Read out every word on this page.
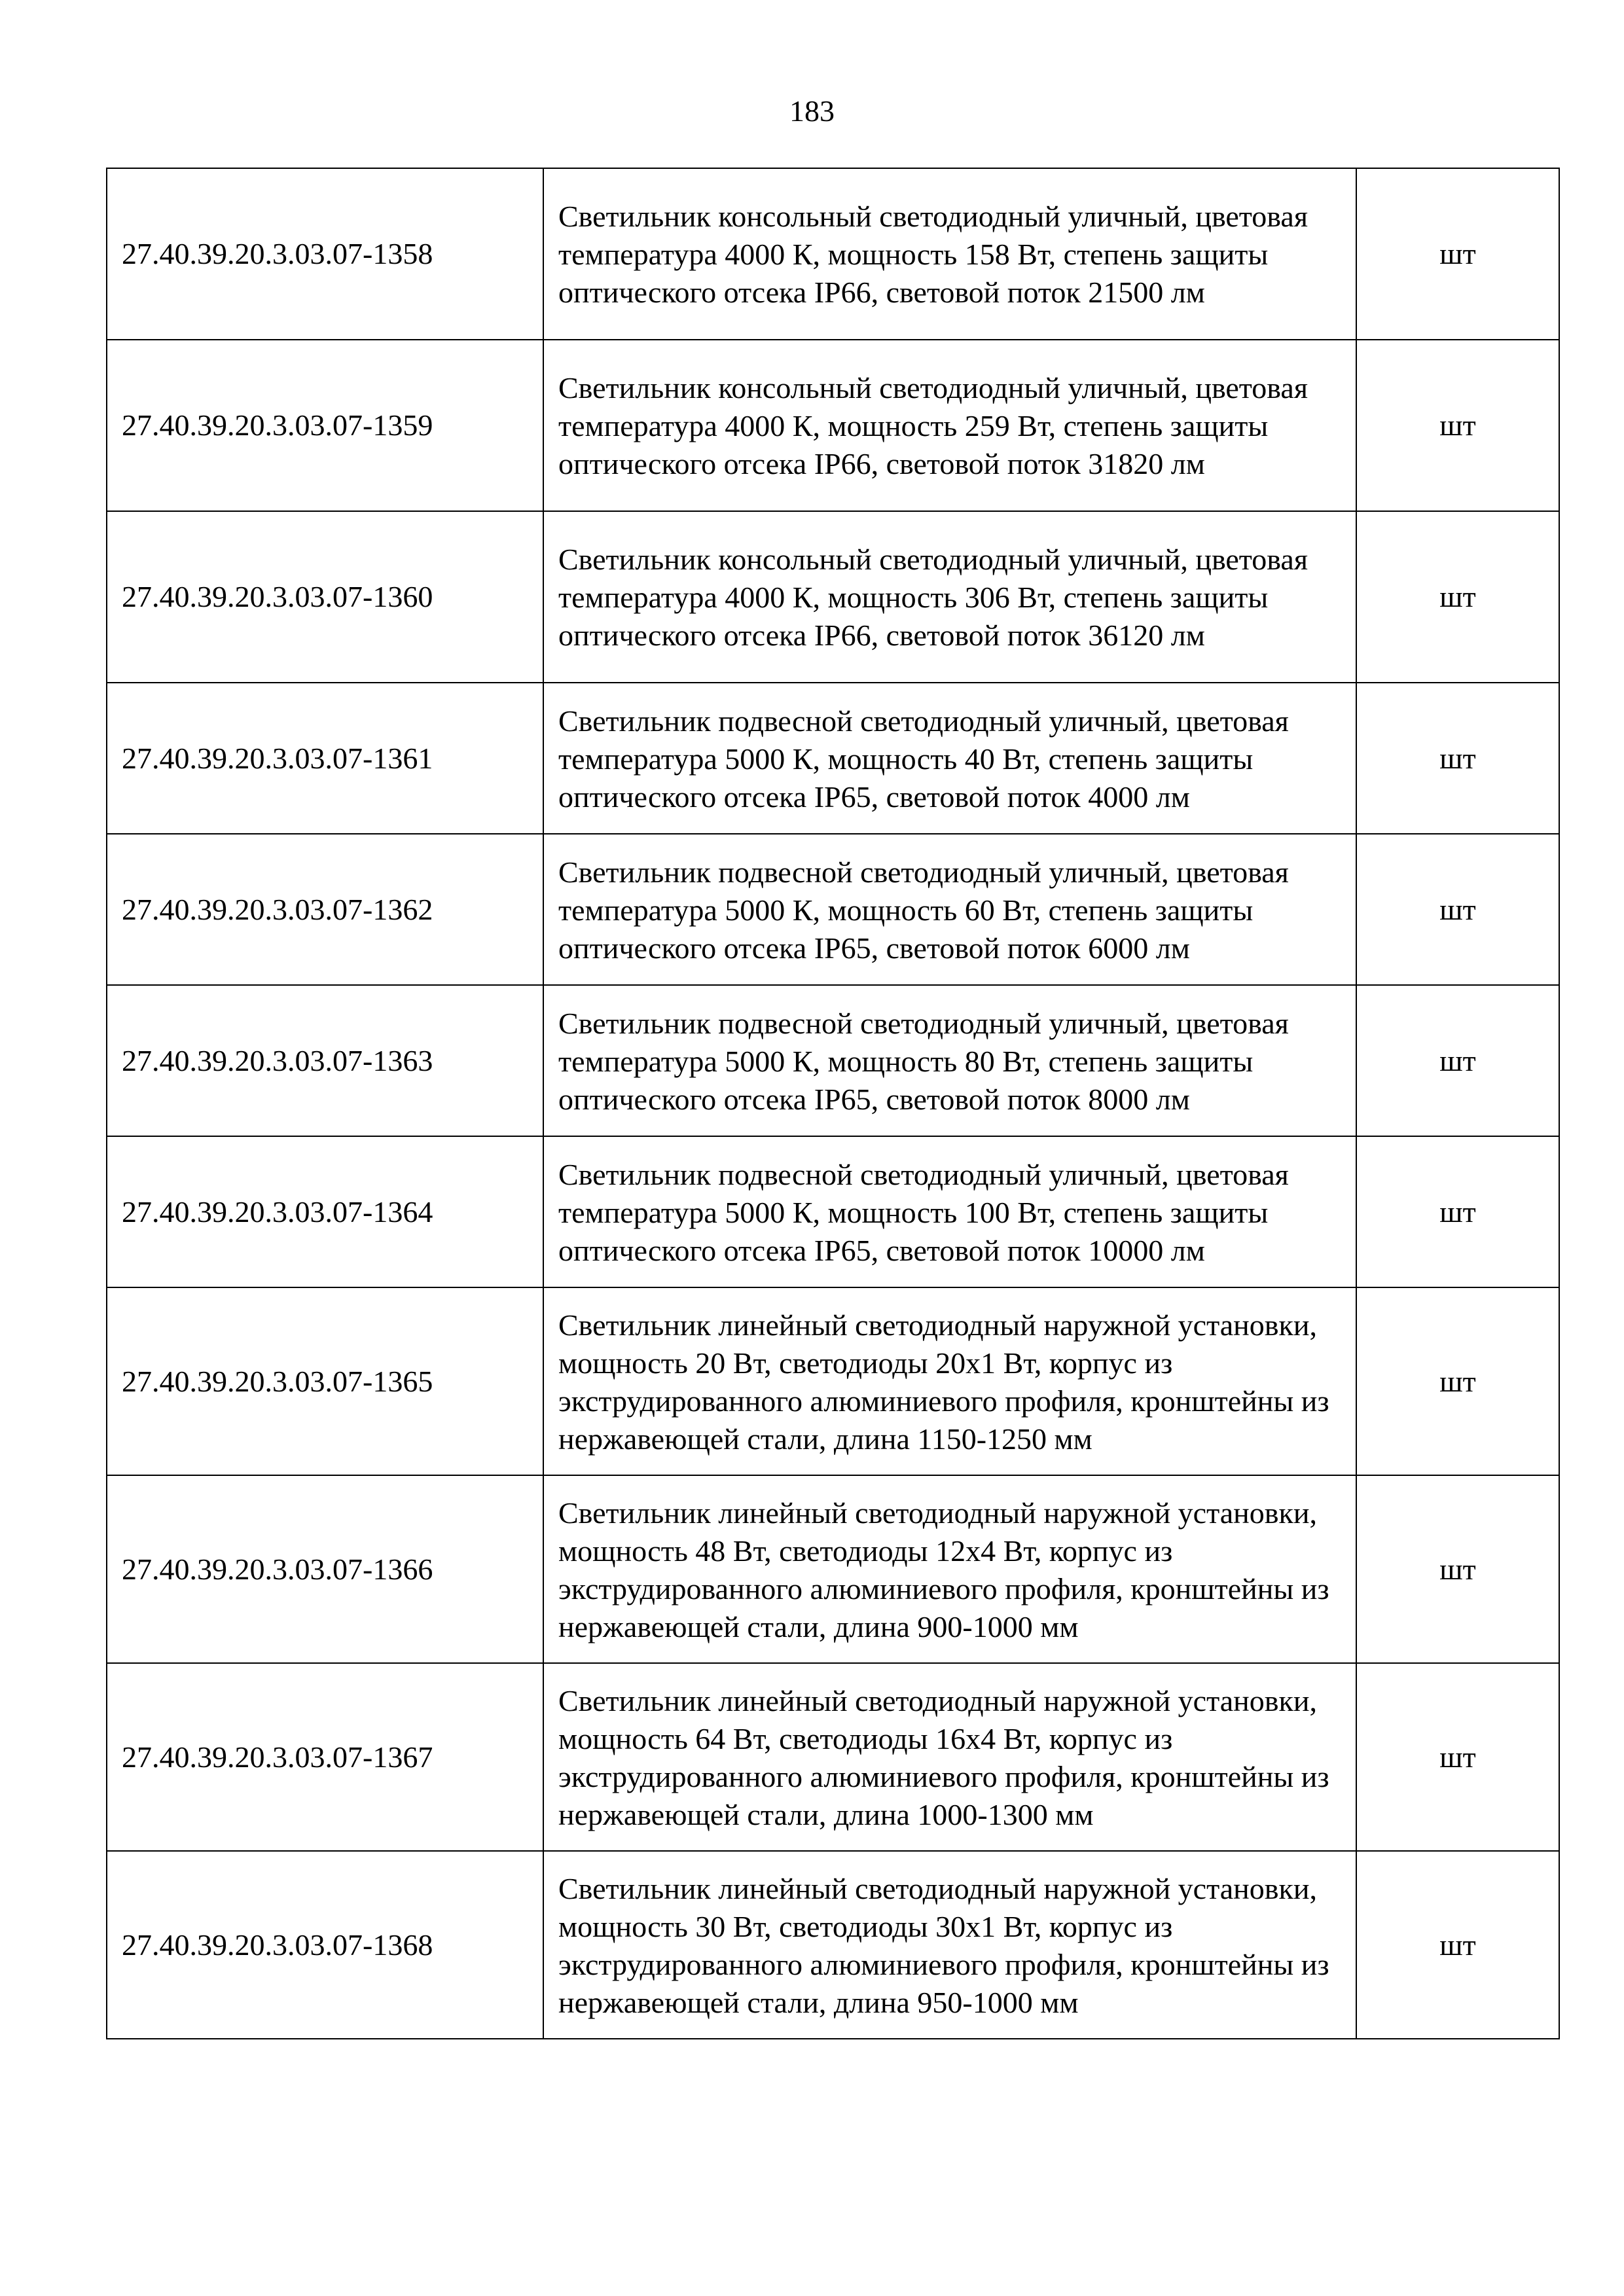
183
27.40.39.20.3.03.07-1358	Светильник консольный светодиодный уличный, цветовая температура 4000 К, мощность 158 Вт, степень защиты оптического отсека IP66, световой поток 21500 лм	шт
27.40.39.20.3.03.07-1359	Светильник консольный светодиодный уличный, цветовая температура 4000 К, мощность 259 Вт, степень защиты оптического отсека IP66, световой поток 31820 лм	шт
27.40.39.20.3.03.07-1360	Светильник консольный светодиодный уличный, цветовая температура 4000 К, мощность 306 Вт, степень защиты оптического отсека IP66, световой поток 36120 лм	шт
27.40.39.20.3.03.07-1361	Светильник подвесной светодиодный уличный, цветовая температура 5000 К, мощность 40 Вт, степень защиты оптического отсека IP65, световой поток 4000 лм	шт
27.40.39.20.3.03.07-1362	Светильник подвесной светодиодный уличный, цветовая температура 5000 К, мощность 60 Вт, степень защиты оптического отсека IP65, световой поток 6000 лм	шт
27.40.39.20.3.03.07-1363	Светильник подвесной светодиодный уличный, цветовая температура 5000 К, мощность 80 Вт, степень защиты оптического отсека IP65, световой поток 8000 лм	шт
27.40.39.20.3.03.07-1364	Светильник подвесной светодиодный уличный, цветовая температура 5000 К, мощность 100 Вт, степень защиты оптического отсека IP65, световой поток 10000 лм	шт
27.40.39.20.3.03.07-1365	Светильник линейный светодиодный наружной установки, мощность 20 Вт, светодиоды 20x1 Вт, корпус из экструдированного алюминиевого профиля, кронштейны из нержавеющей стали, длина 1150-1250 мм	шт
27.40.39.20.3.03.07-1366	Светильник линейный светодиодный наружной установки, мощность 48 Вт, светодиоды 12x4 Вт, корпус из экструдированного алюминиевого профиля, кронштейны из нержавеющей стали, длина 900-1000 мм	шт
27.40.39.20.3.03.07-1367	Светильник линейный светодиодный наружной установки, мощность 64 Вт, светодиоды 16x4 Вт, корпус из экструдированного алюминиевого профиля, кронштейны из нержавеющей стали, длина 1000-1300 мм	шт
27.40.39.20.3.03.07-1368	Светильник линейный светодиодный наружной установки, мощность 30 Вт, светодиоды 30x1 Вт, корпус из экструдированного алюминиевого профиля, кронштейны из нержавеющей стали, длина 950-1000 мм	шт
